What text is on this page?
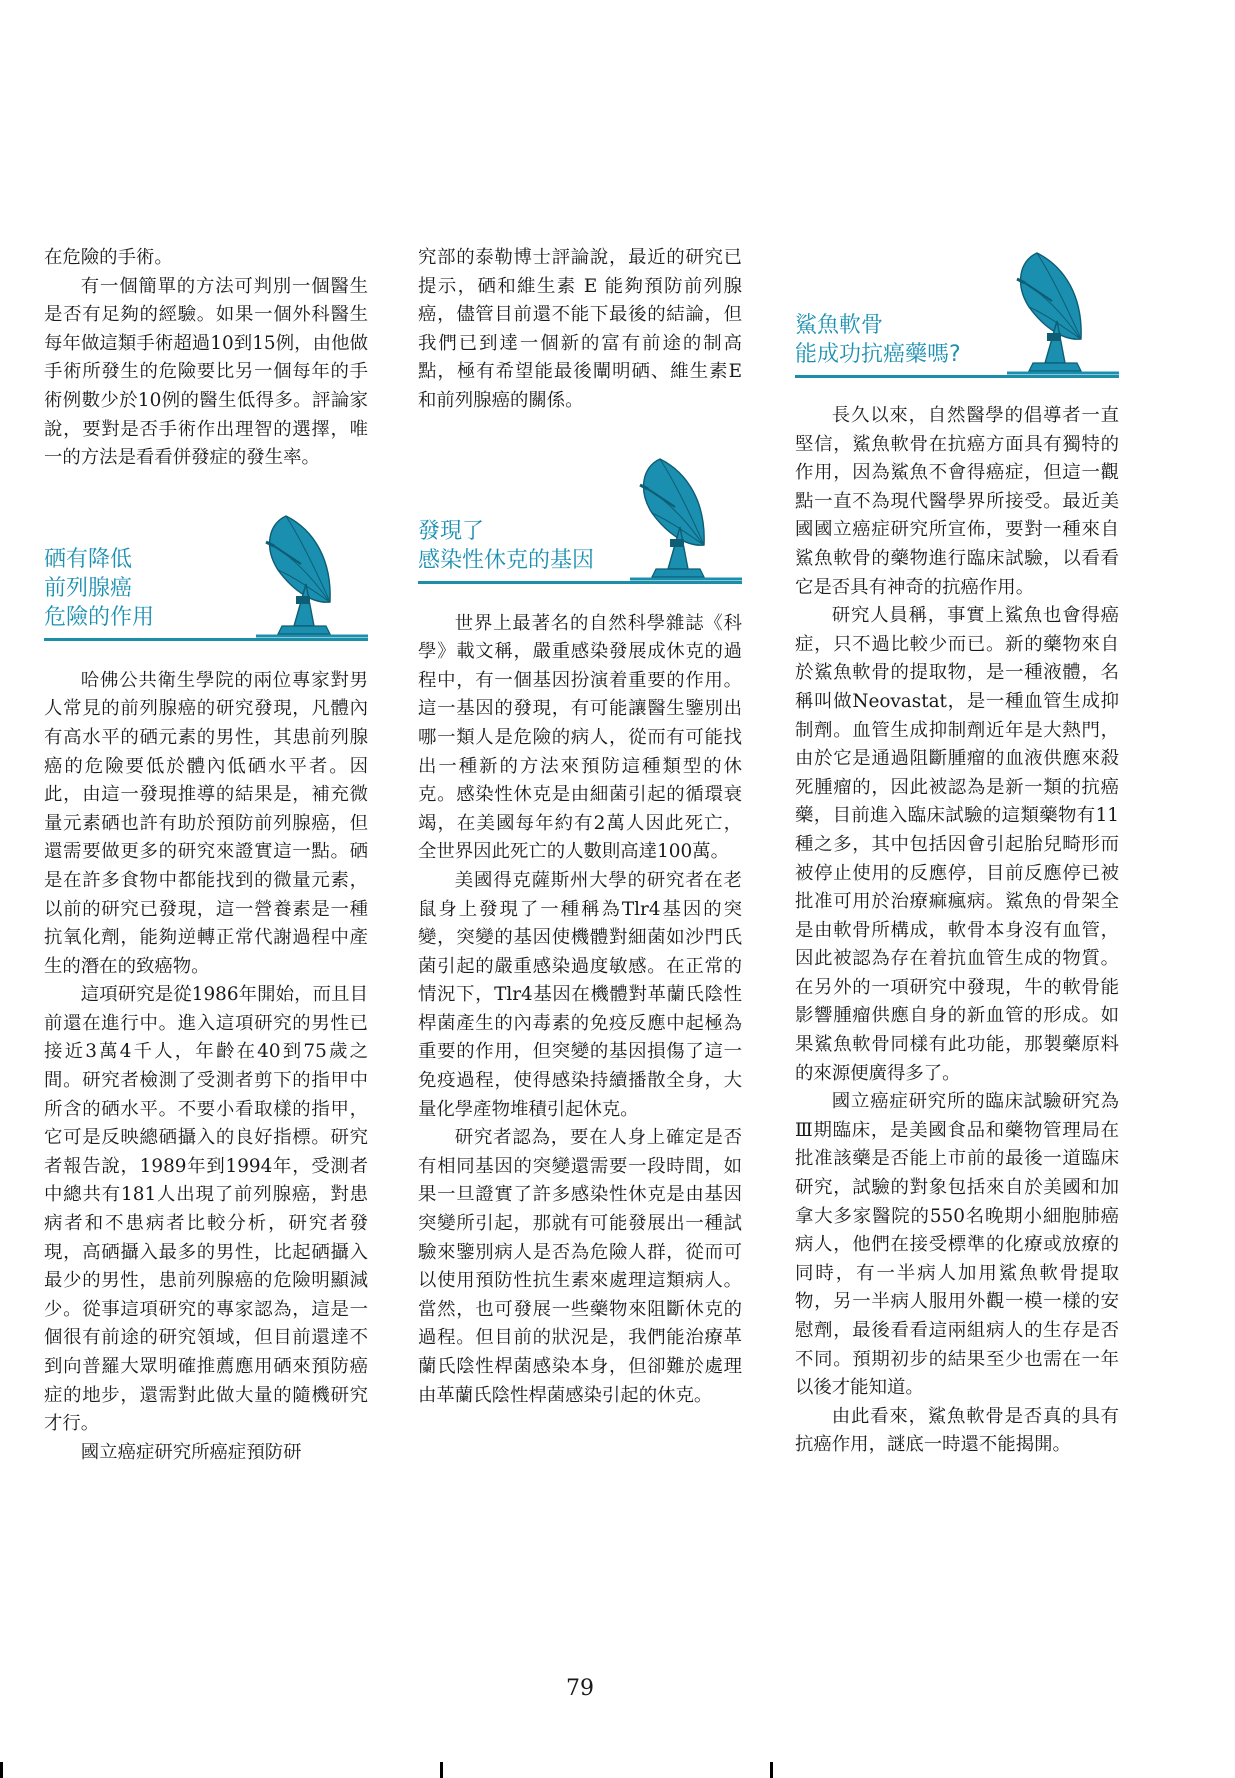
在危險的手術。

有一個簡單的方法可判別一個醫生是否有足夠的經驗。如果一個外科醫生每年做這類手術超過10到15例，由他做手術所發生的危險要比另一個每年的手術例數少於10例的醫生低得多。評論家說，要對是否手術作出理智的選擇，唯一的方法是看看併發症的發生率。

硒有降低
前列腺癌
危險的作用

哈佛公共衛生學院的兩位專家對男人常見的前列腺癌的研究發現，凡體內有高水平的硒元素的男性，其患前列腺癌的危險要低於體內低硒水平者。因此，由這一發現推導的結果是，補充微量元素硒也許有助於預防前列腺癌，但還需要做更多的研究來證實這一點。硒是在許多食物中都能找到的微量元素，以前的研究已發現，這一營養素是一種抗氧化劑，能夠逆轉正常代謝過程中產生的潛在的致癌物。

這項研究是從1986年開始，而且目前還在進行中。進入這項研究的男性已接近3萬4千人，年齡在40到75歲之間。研究者檢測了受測者剪下的指甲中所含的硒水平。不要小看取樣的指甲，它可是反映總硒攝入的良好指標。研究者報告說，1989年到1994年，受測者中總共有181人出現了前列腺癌，對患病者和不患病者比較分析，研究者發現，高硒攝入最多的男性，比起硒攝入最少的男性，患前列腺癌的危險明顯減少。從事這項研究的專家認為，這是一個很有前途的研究領域，但目前還達不到向普羅大眾明確推薦應用硒來預防癌症的地步，還需對此做大量的隨機研究才行。

國立癌症研究所癌症預防研

究部的泰勒博士評論說，最近的研究已提示，硒和維生素 E 能夠預防前列腺癌，儘管目前還不能下最後的結論，但我們已到達一個新的富有前途的制高點，極有希望能最後闡明硒、維生素E和前列腺癌的關係。

發現了
感染性休克的基因

世界上最著名的自然科學雜誌《科學》載文稱，嚴重感染發展成休克的過程中，有一個基因扮演着重要的作用。這一基因的發現，有可能讓醫生鑒別出哪一類人是危險的病人，從而有可能找出一種新的方法來預防這種類型的休克。感染性休克是由細菌引起的循環衰竭，在美國每年約有2萬人因此死亡，全世界因此死亡的人數則高達100萬。

美國得克薩斯州大學的研究者在老鼠身上發現了一種稱為Tlr4基因的突變，突變的基因使機體對細菌如沙門氏菌引起的嚴重感染過度敏感。在正常的情況下，Tlr4基因在機體對革蘭氏陰性桿菌產生的內毒素的免疫反應中起極為重要的作用，但突變的基因損傷了這一免疫過程，使得感染持續播散全身，大量化學產物堆積引起休克。

研究者認為，要在人身上確定是否有相同基因的突變還需要一段時間，如果一旦證實了許多感染性休克是由基因突變所引起，那就有可能發展出一種試驗來鑒別病人是否為危險人群，從而可以使用預防性抗生素來處理這類病人。當然，也可發展一些藥物來阻斷休克的過程。但目前的狀況是，我們能治療革蘭氏陰性桿菌感染本身，但卻難於處理由革蘭氏陰性桿菌感染引起的休克。

鯊魚軟骨
能成功抗癌藥嗎?

長久以來，自然醫學的倡導者一直堅信，鯊魚軟骨在抗癌方面具有獨特的作用，因為鯊魚不會得癌症，但這一觀點一直不為現代醫學界所接受。最近美國國立癌症研究所宣佈，要對一種來自鯊魚軟骨的藥物進行臨床試驗，以看看它是否具有神奇的抗癌作用。

研究人員稱，事實上鯊魚也會得癌症，只不過比較少而已。新的藥物來自於鯊魚軟骨的提取物，是一種液體，名稱叫做Neovastat，是一種血管生成抑制劑。血管生成抑制劑近年是大熱門，由於它是通過阻斷腫瘤的血液供應來殺死腫瘤的，因此被認為是新一類的抗癌藥，目前進入臨床試驗的這類藥物有11種之多，其中包括因會引起胎兒畸形而被停止使用的反應停，目前反應停已被批准可用於治療痲瘋病。鯊魚的骨架全是由軟骨所構成，軟骨本身沒有血管，因此被認為存在着抗血管生成的物質。在另外的一項研究中發現，牛的軟骨能影響腫瘤供應自身的新血管的形成。如果鯊魚軟骨同樣有此功能，那製藥原料的來源便廣得多了。

國立癌症研究所的臨床試驗研究為Ⅲ期臨床，是美國食品和藥物管理局在批准該藥是否能上市前的最後一道臨床研究，試驗的對象包括來自於美國和加拿大多家醫院的550名晚期小細胞肺癌病人，他們在接受標準的化療或放療的同時，有一半病人加用鯊魚軟骨提取物，另一半病人服用外觀一模一樣的安慰劑，最後看看這兩組病人的生存是否不同。預期初步的結果至少也需在一年以後才能知道。

由此看來，鯊魚軟骨是否真的具有抗癌作用，謎底一時還不能揭開。

79
